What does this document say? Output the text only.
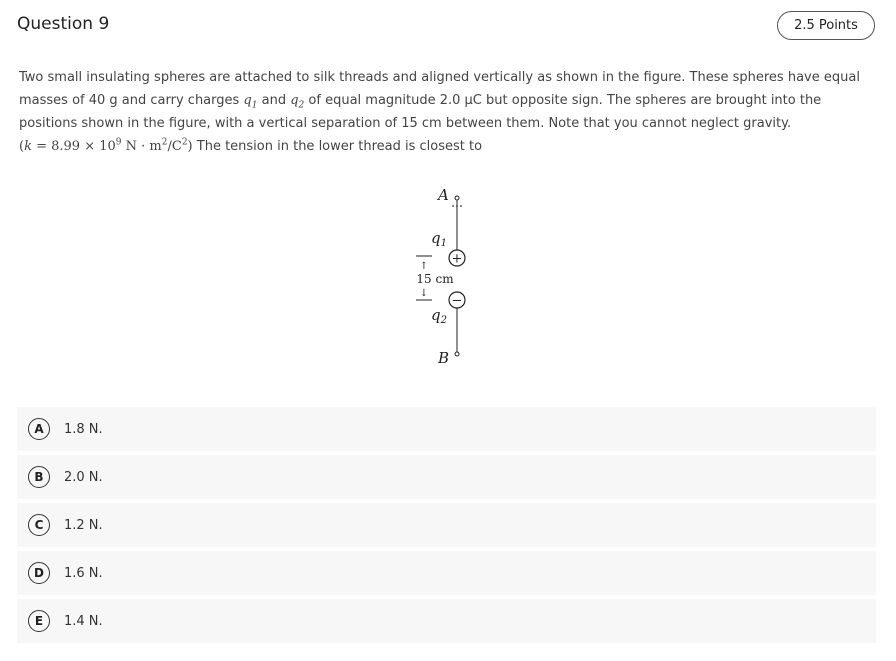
Question 9	2.5 Points
Two small insulating spheres are attached to silk threads and aligned vertically as shown in the figure. These spheres have equal
masses of 40 g and carry charges $q_1$ and $q_2$ of equal magnitude 2.0 µC but opposite sign. The spheres are brought into the
positions shown in the figure, with a vertical separation of 15 cm between them. Note that you cannot neglect gravity.
($k = 8.99 \times 10^9$ $N \cdot m^2/C^2$) The tension in the lower thread is closest to
A
$q_1$
+
↑
15 cm
↓ −
$q_2$
B
A	1.8 N.
B	2.0 N.
C	1.2 N.
D	1.6 N.
E	1.4 N.
